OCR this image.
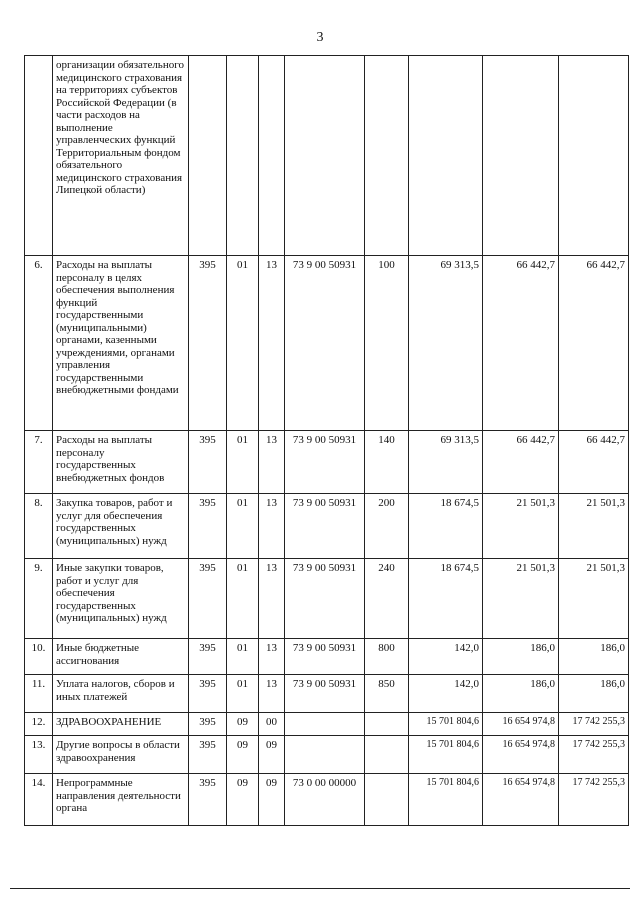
3
	организации обязательного медицинского страхования на территориях субъектов Российской Федерации (в части расходов на выполнение управленческих функций Территориальным фондом обязательного медицинского страхования Липецкой области)								
6.	Расходы на выплаты персоналу в целях обеспечения выполнения функций государственными (муниципальными) органами, казенными учреждениями, органами управления государственными внебюджетными фондами	395	01	13	73 9 00 50931	100	69 313,5	66 442,7	66 442,7
7.	Расходы на выплаты персоналу государственных внебюджетных фондов	395	01	13	73 9 00 50931	140	69 313,5	66 442,7	66 442,7
8.	Закупка товаров, работ и услуг для обеспечения государственных (муниципальных) нужд	395	01	13	73 9 00 50931	200	18 674,5	21 501,3	21 501,3
9.	Иные закупки товаров, работ и услуг для обеспечения государственных (муниципальных) нужд	395	01	13	73 9 00 50931	240	18 674,5	21 501,3	21 501,3
10.	Иные бюджетные ассигнования	395	01	13	73 9 00 50931	800	142,0	186,0	186,0
11.	Уплата налогов, сборов и иных платежей	395	01	13	73 9 00 50931	850	142,0	186,0	186,0
12.	ЗДРАВООХРАНЕНИЕ	395	09	00			15 701 804,6	16 654 974,8	17 742 255,3
13.	Другие вопросы в области здравоохранения	395	09	09			15 701 804,6	16 654 974,8	17 742 255,3
14.	Непрограммные направления деятельности органа	395	09	09	73 0 00 00000		15 701 804,6	16 654 974,8	17 742 255,3
